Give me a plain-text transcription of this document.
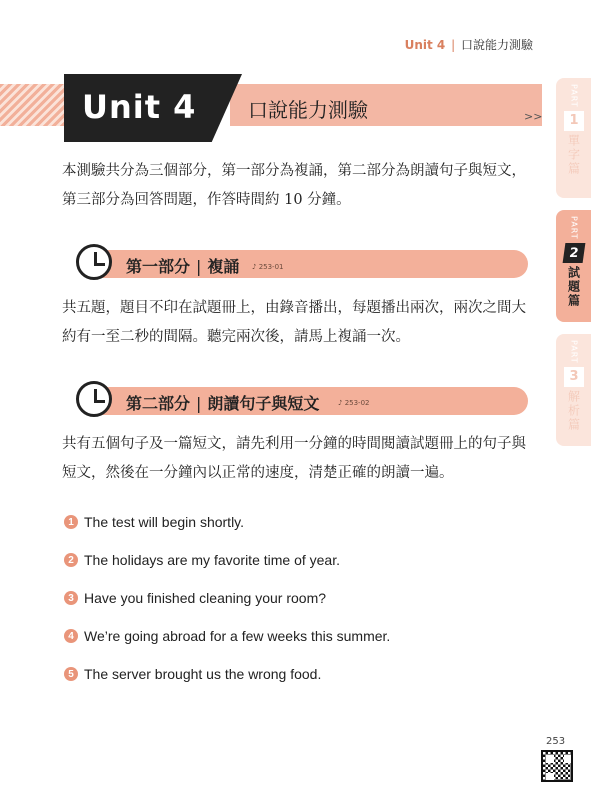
Unit 4 | 口說能力測驗
Unit 4	口說能力測驗	>>
PART
1
單字篇
PART
2
試題篇
PART
3
解析篇

本測驗共分為三個部分，第一部分為複誦，第二部分為朗讀句子與短文，第三部分為回答問題，作答時間約 10 分鐘。

第一部分 | 複誦 ♪ 253-01

共五題，題目不印在試題冊上，由錄音播出，每題播出兩次，兩次之間大約有一至二秒的間隔。聽完兩次後，請馬上複誦一次。

第二部分 | 朗讀句子與短文	♪ 253-02

共有五個句子及一篇短文，請先利用一分鐘的時間閱讀試題冊上的句子與短文，然後在一分鐘內以正常的速度，清楚正確的朗讀一遍。

1 The test will begin shortly.
2 The holidays are my favorite time of year.
3 Have you finished cleaning your room?
4 We’re going abroad for a few weeks this summer.
5 The server brought us the wrong food.
253
